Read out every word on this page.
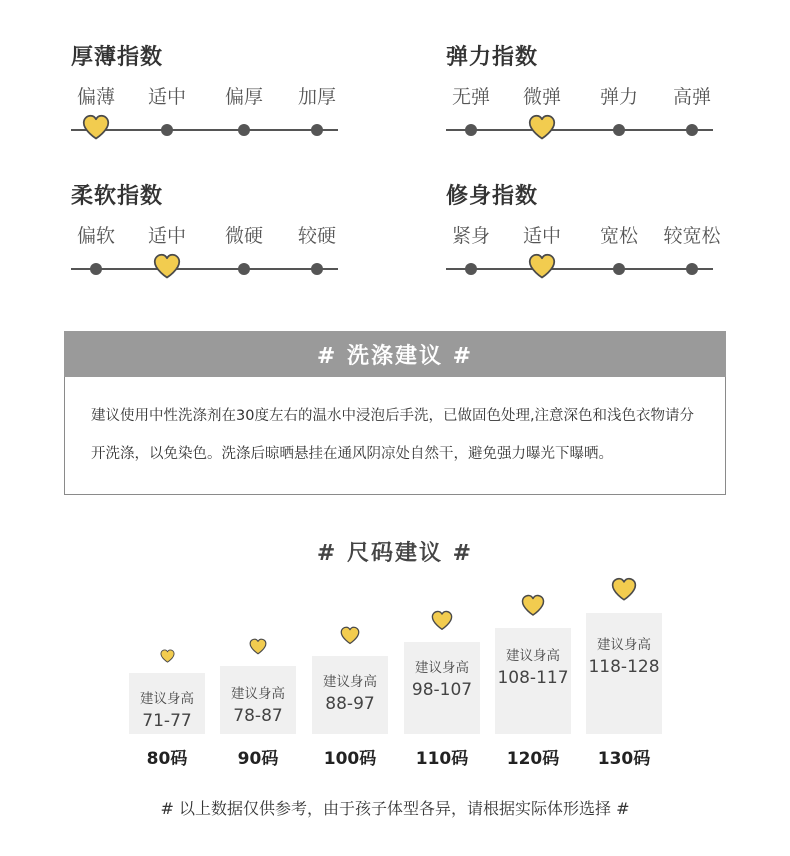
厚薄指数
偏薄 适中 偏厚 加厚
弹力指数
无弹 微弹 弹力 高弹
柔软指数
偏软 适中 微硬 较硬
修身指数
紧身 适中 宽松 较宽松
# 洗涤建议 #

建议使用中性洗涤剂在30度左右的温水中浸泡后手洗，已做固色处理,注意深色和浅色衣物请分开洗涤，以免染色。洗涤后晾晒悬挂在通风阴凉处自然干，避免强力曝光下曝晒。

# 尺码建议 #
建议身高
71-77
80码
建议身高
78-87
90码
建议身高
88-97
100码
建议身高
98-107
110码
建议身高
108-117
120码
建议身高
118-128
130码
# 以上数据仅供参考，由于孩子体型各异，请根据实际体形选择 #
